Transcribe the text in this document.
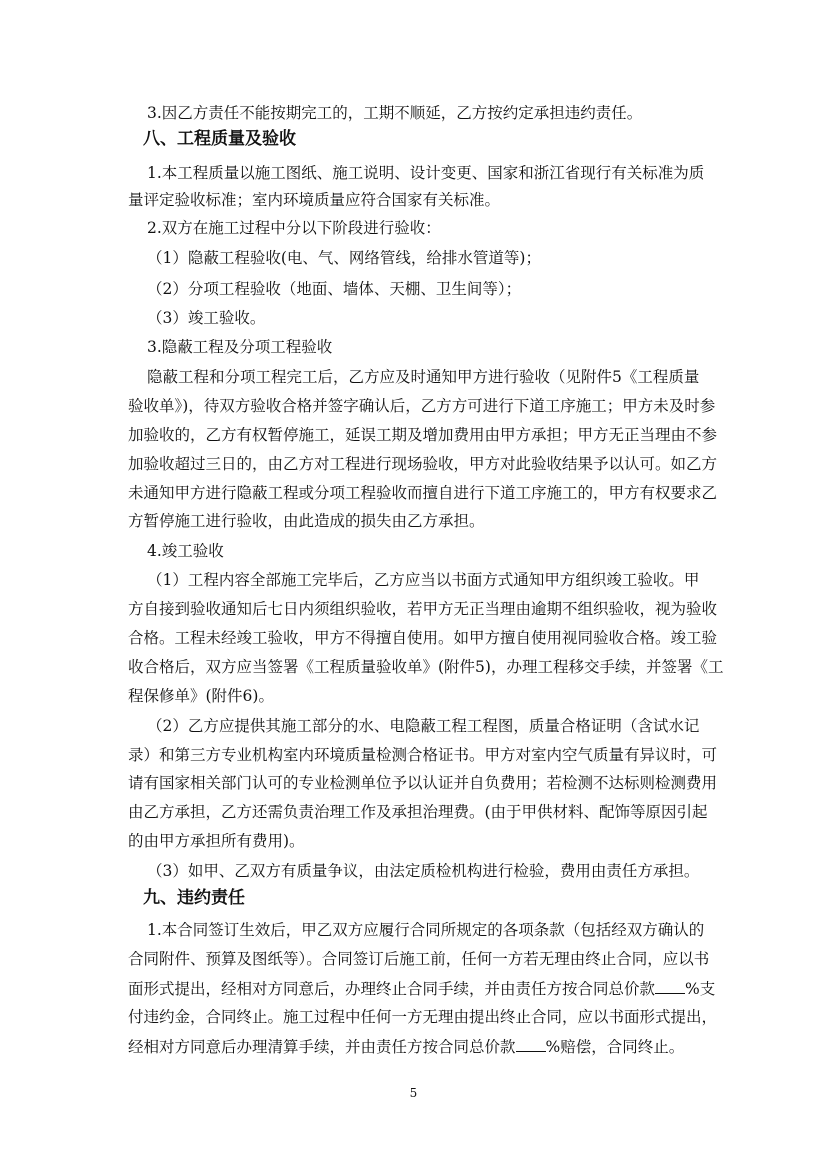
3.因乙方责任不能按期完工的，工期不顺延，乙方按约定承担违约责任。
八、工程质量及验收
1.本工程质量以施工图纸、施工说明、设计变更、国家和浙江省现行有关标准为质
量评定验收标准；室内环境质量应符合国家有关标准。
2.双方在施工过程中分以下阶段进行验收：
（1）隐蔽工程验收(电、气、网络管线，给排水管道等)；
（2）分项工程验收（地面、墙体、天棚、卫生间等）；
（3）竣工验收。
3.隐蔽工程及分项工程验收
隐蔽工程和分项工程完工后，乙方应及时通知甲方进行验收（见附件5《工程质量
验收单》)，待双方验收合格并签字确认后，乙方方可进行下道工序施工；甲方未及时参
加验收的，乙方有权暂停施工，延误工期及增加费用由甲方承担；甲方无正当理由不参
加验收超过三日的，由乙方对工程进行现场验收，甲方对此验收结果予以认可。如乙方
未通知甲方进行隐蔽工程或分项工程验收而擅自进行下道工序施工的，甲方有权要求乙
方暂停施工进行验收，由此造成的损失由乙方承担。
4.竣工验收
（1）工程内容全部施工完毕后，乙方应当以书面方式通知甲方组织竣工验收。甲
方自接到验收通知后七日内须组织验收，若甲方无正当理由逾期不组织验收，视为验收
合格。工程未经竣工验收，甲方不得擅自使用。如甲方擅自使用视同验收合格。竣工验
收合格后，双方应当签署《工程质量验收单》(附件5)，办理工程移交手续，并签署《工
程保修单》(附件6)。
（2）乙方应提供其施工部分的水、电隐蔽工程工程图，质量合格证明（含试水记
录）和第三方专业机构室内环境质量检测合格证书。甲方对室内空气质量有异议时，可
请有国家相关部门认可的专业检测单位予以认证并自负费用；若检测不达标则检测费用
由乙方承担，乙方还需负责治理工作及承担治理费。(由于甲供材料、配饰等原因引起
的由甲方承担所有费用)。
（3）如甲、乙双方有质量争议，由法定质检机构进行检验，费用由责任方承担。
九、违约责任
1.本合同签订生效后，甲乙双方应履行合同所规定的各项条款（包括经双方确认的
合同附件、预算及图纸等）。合同签订后施工前，任何一方若无理由终止合同，应以书
面形式提出，经相对方同意后，办理终止合同手续，并由责任方按合同总价款 %支
付违约金，合同终止。施工过程中任何一方无理由提出终止合同，应以书面形式提出，
经相对方同意后办理清算手续，并由责任方按合同总价款 %赔偿，合同终止。
5
